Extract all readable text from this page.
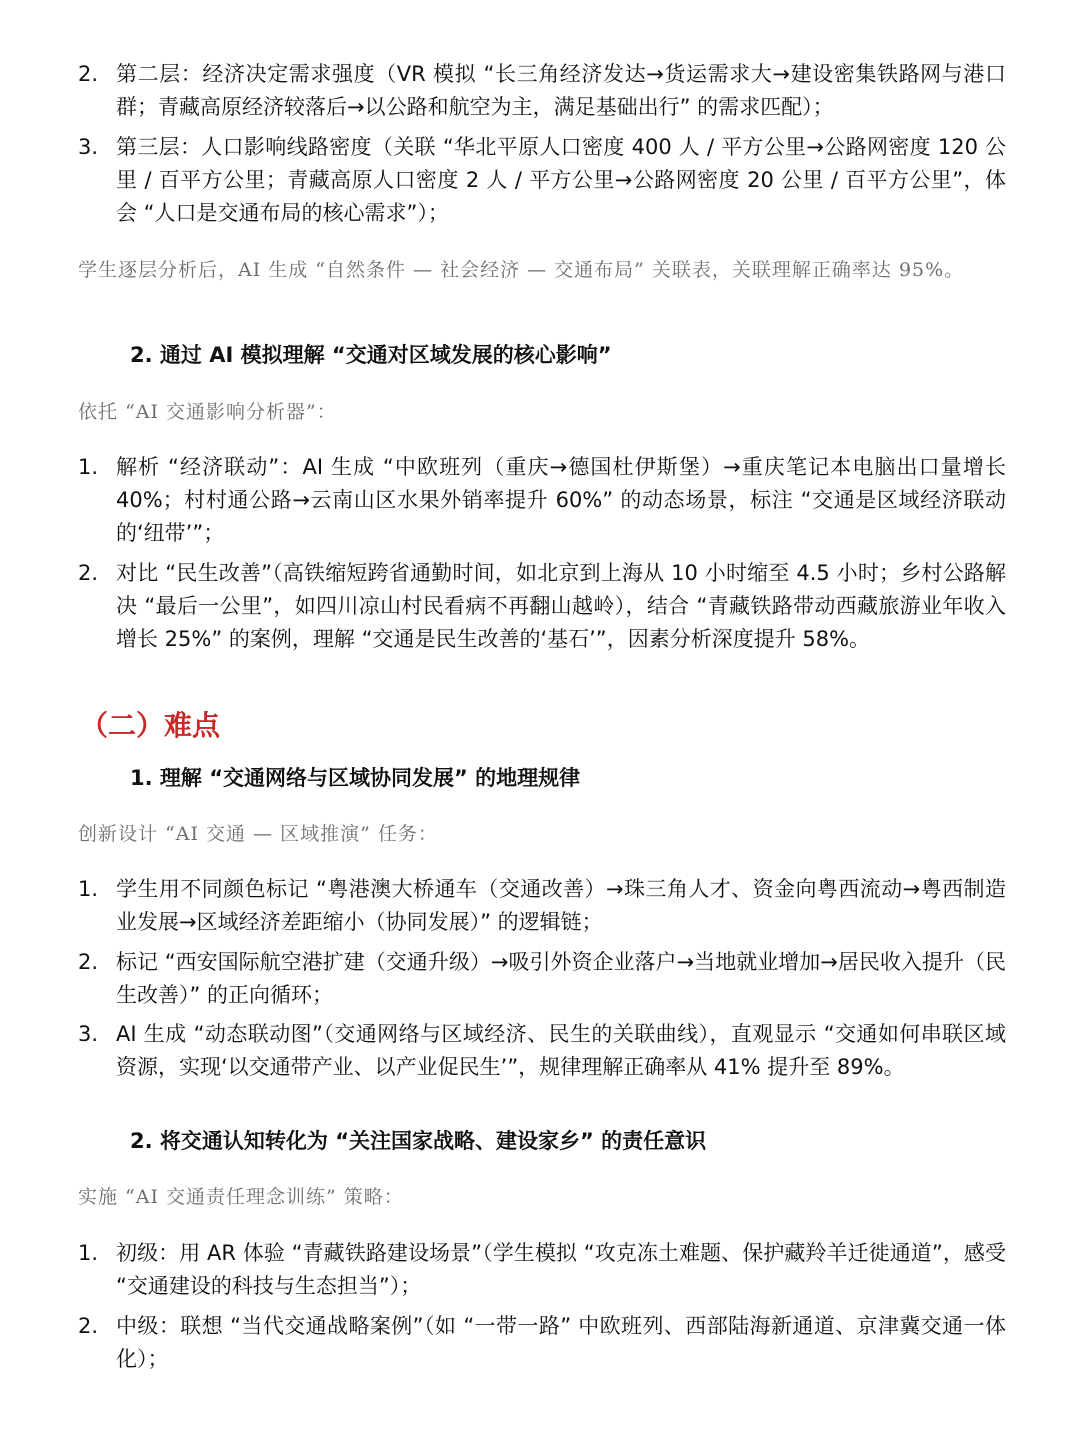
2. 第二层：经济决定需求强度（VR 模拟 “长三角经济发达→货运需求大→建设密集铁路网与港口群；青藏高原经济较落后→以公路和航空为主，满足基础出行” 的需求匹配）；
3. 第三层：人口影响线路密度（关联 “华北平原人口密度 400 人 / 平方公里→公路网密度 120 公里 / 百平方公里；青藏高原人口密度 2 人 / 平方公里→公路网密度 20 公里 / 百平方公里”，体会 “人口是交通布局的核心需求”）；

学生逐层分析后，AI 生成 “自然条件 — 社会经济 — 交通布局” 关联表，关联理解正确率达 95%。

2. 通过 AI 模拟理解 “交通对区域发展的核心影响”

依托 “AI 交通影响分析器”：

1. 解析 “经济联动”：AI 生成 “中欧班列（重庆→德国杜伊斯堡）→重庆笔记本电脑出口量增长 40%；村村通公路→云南山区水果外销率提升 60%” 的动态场景，标注 “交通是区域经济联动的‘纽带’”；
2. 对比 “民生改善”（高铁缩短跨省通勤时间，如北京到上海从 10 小时缩至 4.5 小时；乡村公路解决 “最后一公里”，如四川凉山村民看病不再翻山越岭），结合 “青藏铁路带动西藏旅游业年收入增长 25%” 的案例，理解 “交通是民生改善的‘基石’”，因素分析深度提升 58%。

（二）难点

1. 理解 “交通网络与区域协同发展” 的地理规律

创新设计 “AI 交通 — 区域推演” 任务：

1. 学生用不同颜色标记 “粤港澳大桥通车（交通改善）→珠三角人才、资金向粤西流动→粤西制造业发展→区域经济差距缩小（协同发展）” 的逻辑链；
2. 标记 “西安国际航空港扩建（交通升级）→吸引外资企业落户→当地就业增加→居民收入提升（民生改善）” 的正向循环；
3. AI 生成 “动态联动图”（交通网络与区域经济、民生的关联曲线），直观显示 “交通如何串联区域资源，实现‘以交通带产业、以产业促民生’”，规律理解正确率从 41% 提升至 89%。

2. 将交通认知转化为 “关注国家战略、建设家乡” 的责任意识

实施 “AI 交通责任理念训练” 策略：

1. 初级：用 AR 体验 “青藏铁路建设场景”（学生模拟 “攻克冻土难题、保护藏羚羊迁徙通道”，感受 “交通建设的科技与生态担当”）；
2. 中级：联想 “当代交通战略案例”（如 “一带一路” 中欧班列、西部陆海新通道、京津冀交通一体化）；
